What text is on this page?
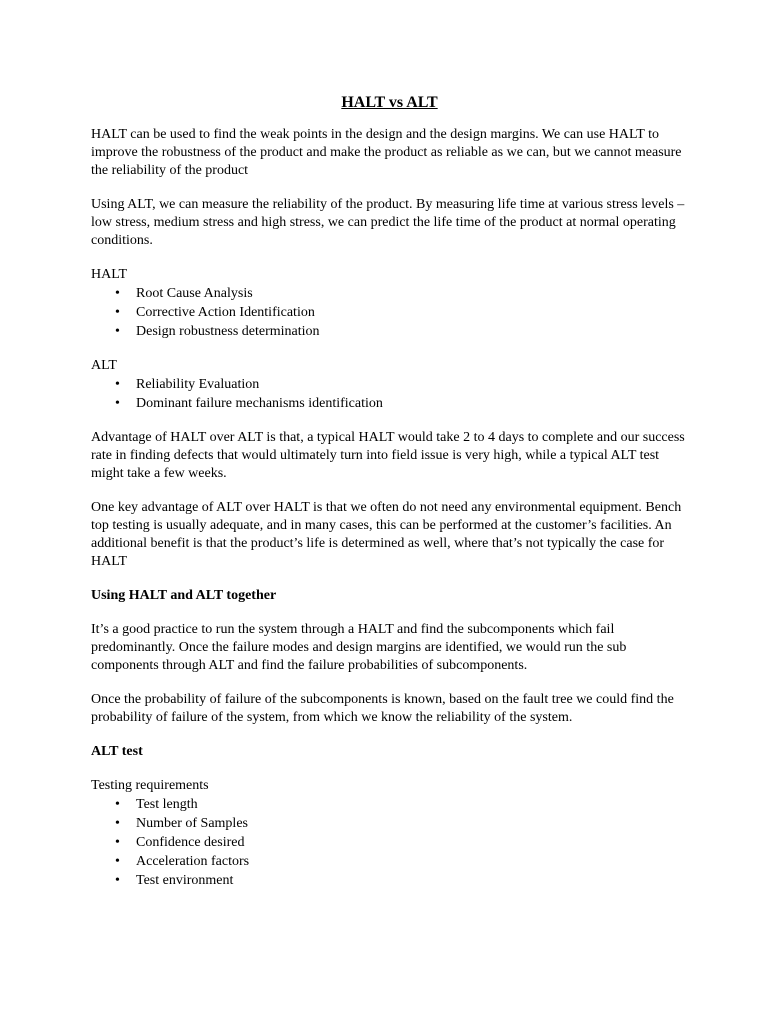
HALT vs ALT

HALT can be used to find the weak points in the design and the design margins. We can use HALT to improve the robustness of the product and make the product as reliable as we can, but we cannot measure the reliability of the product

Using ALT, we can measure the reliability of the product. By measuring life time at various stress levels – low stress, medium stress and high stress, we can predict the life time of the product at normal operating conditions.

HALT
• Root Cause Analysis
• Corrective Action Identification
• Design robustness determination
ALT
• Reliability Evaluation
• Dominant failure mechanisms identification

Advantage of HALT over ALT is that, a typical HALT would take 2 to 4 days to complete and our success rate in finding defects that would ultimately turn into field issue is very high, while a typical ALT test might take a few weeks.

One key advantage of ALT over HALT is that we often do not need any environmental equipment. Bench top testing is usually adequate, and in many cases, this can be performed at the customer’s facilities. An additional benefit is that the product’s life is determined as well, where that’s not typically the case for HALT

Using HALT and ALT together

It’s a good practice to run the system through a HALT and find the subcomponents which fail predominantly. Once the failure modes and design margins are identified, we would run the sub components through ALT and find the failure probabilities of subcomponents.

Once the probability of failure of the subcomponents is known, based on the fault tree we could find the probability of failure of the system, from which we know the reliability of the system.

ALT test
Testing requirements
• Test length
• Number of Samples
• Confidence desired
• Acceleration factors
• Test environment
